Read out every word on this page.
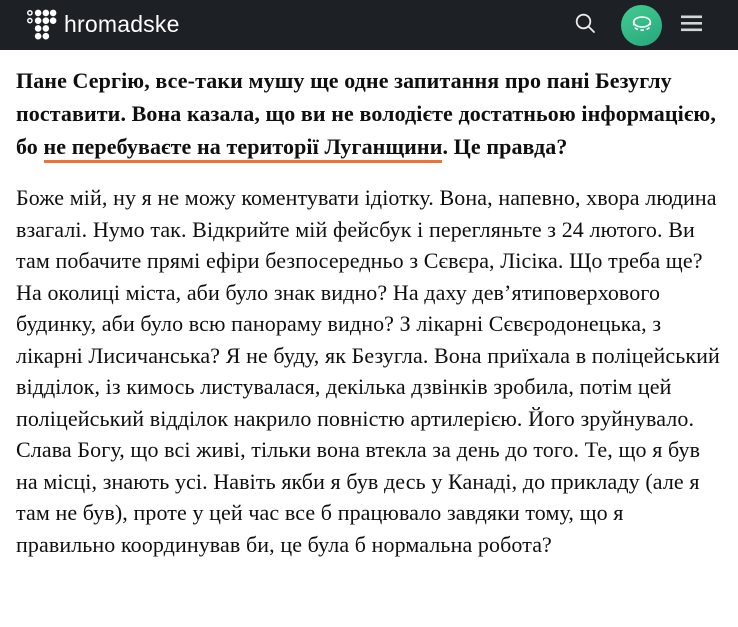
hromadske

Пане Сергію, все-таки мушу ще одне запитання про пані Безуглу поставити. Вона казала, що ви не володієте достатньою інформацією, бо не перебуваєте на території Луганщини. Це правда?

Боже мій, ну я не можу коментувати ідіотку. Вона, напевно, хвора людина взагалі. Нумо так. Відкрийте мій фейсбук і перегляньте з 24 лютого. Ви там побачите прямі ефіри безпосередньо з Сєвєра, Лісіка. Що треба ще? На околиці міста, аби було знак видно? На даху дев’ятиповерхового будинку, аби було всю панораму видно? З лікарні Сєвєродонецька, з лікарні Лисичанська? Я не буду, як Безугла. Вона приїхала в поліцейський відділок, із кимось листувалася, декілька дзвінків зробила, потім цей поліцейський відділок накрило повністю артилерією. Його зруйнувало. Слава Богу, що всі живі, тільки вона втекла за день до того. Те, що я був на місці, знають усі. Навіть якби я був десь у Канаді, до прикладу (але я там не був), проте у цей час все б працювало завдяки тому, що я правильно координував би, це була б нормальна робота?
